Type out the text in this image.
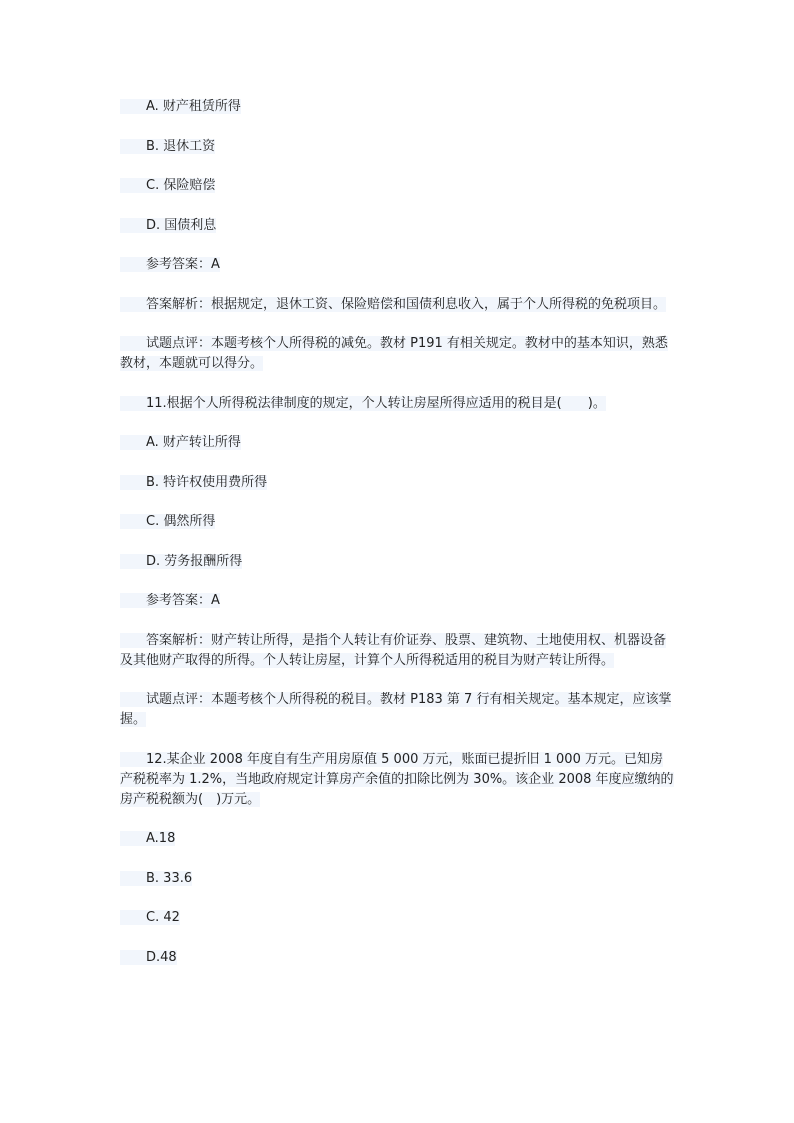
　　A. 财产租赁所得

　　B. 退休工资

　　C. 保险赔偿

　　D. 国债利息

　　参考答案：A

　　答案解析：根据规定，退休工资、保险赔偿和国债利息收入，属于个人所得税的免税项目。

　　试题点评：本题考核个人所得税的减免。教材 P191 有相关规定。教材中的基本知识，熟悉教材，本题就可以得分。

　　11.根据个人所得税法律制度的规定，个人转让房屋所得应适用的税目是(　　)。

　　A. 财产转让所得

　　B. 特许权使用费所得

　　C. 偶然所得

　　D. 劳务报酬所得

　　参考答案：A

　　答案解析：财产转让所得，是指个人转让有价证券、股票、建筑物、土地使用权、机器设备及其他财产取得的所得。个人转让房屋，计算个人所得税适用的税目为财产转让所得。

　　试题点评：本题考核个人所得税的税目。教材 P183 第 7 行有相关规定。基本规定，应该掌握。

　　12.某企业 2008 年度自有生产用房原值 5 000 万元，账面已提折旧 1 000 万元。已知房产税税率为 1.2%，当地政府规定计算房产余值的扣除比例为 30%。该企业 2008 年度应缴纳的房产税税额为(　)万元。

　　A.18

　　B. 33.6

　　C. 42

　　D.48
